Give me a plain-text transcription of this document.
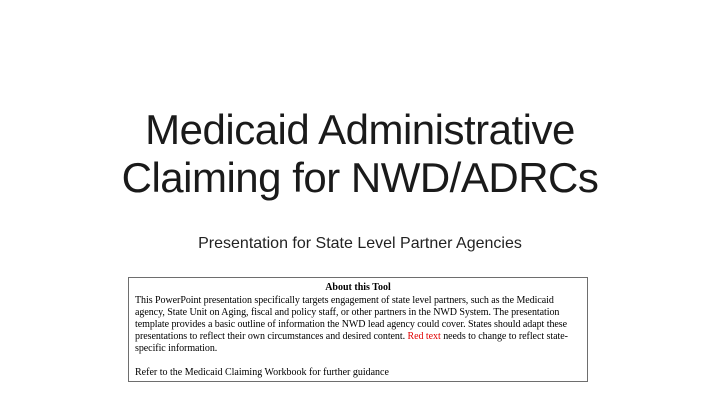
Medicaid Administrative
Claiming for NWD/ADRCs
Presentation for State Level Partner Agencies
About this Tool

This PowerPoint presentation specifically targets engagement of state level partners, such as the Medicaid agency, State Unit on Aging, fiscal and policy staff, or other partners in the NWD System. The presentation template provides a basic outline of information the NWD lead agency could cover. States should adapt these presentations to reflect their own circumstances and desired content. Red text needs to change to reflect state-specific information.

Refer to the Medicaid Claiming Workbook for further guidance
